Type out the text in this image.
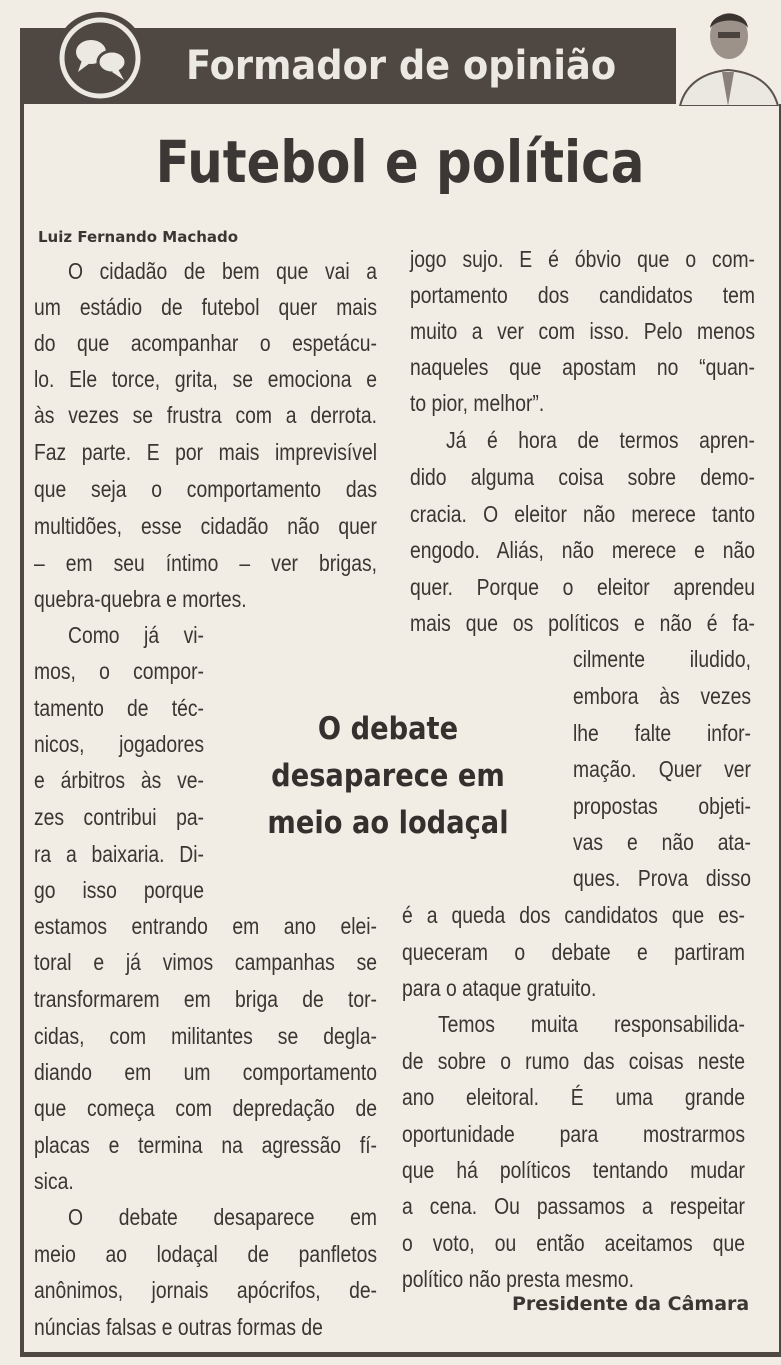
Formador de opinião
Futebol e política
Luiz Fernando Machado
O cidadão de bem que vai a
um estádio de futebol quer mais
do que acompanhar o espetácu-
lo. Ele torce, grita, se emociona e
às vezes se frustra com a derrota.
Faz parte. E por mais imprevisível
que seja o comportamento das
multidões, esse cidadão não quer
– em seu íntimo – ver brigas,
quebra-quebra e mortes.
Como já vi-
mos, o compor-
tamento de téc-
nicos, jogadores
e árbitros às ve-
zes contribui pa-
ra a baixaria. Di-
go isso porque
estamos entrando em ano elei-
toral e já vimos campanhas se
transformarem em briga de tor-
cidas, com militantes se degla-
diando em um comportamento
que começa com depredação de
placas e termina na agressão fí-
sica.
O debate desaparece em
meio ao lodaçal de panfletos
anônimos, jornais apócrifos, de-
núncias falsas e outras formas de
jogo sujo. E é óbvio que o com-
portamento dos candidatos tem
muito a ver com isso. Pelo menos
naqueles que apostam no “quan-
to pior, melhor”.
Já é hora de termos apren-
dido alguma coisa sobre demo-
cracia. O eleitor não merece tanto
engodo. Aliás, não merece e não
quer. Porque o eleitor aprendeu
mais que os políticos e não é fa-
cilmente iludido,
embora às vezes
lhe falte infor-
mação. Quer ver
propostas objeti-
vas e não ata-
ques. Prova disso
é a queda dos candidatos que es-
queceram o debate e partiram
para o ataque gratuito.
Temos muita responsabilida-
de sobre o rumo das coisas neste
ano eleitoral. É uma grande
oportunidade para mostrarmos
que há políticos tentando mudar
a cena. Ou passamos a respeitar
o voto, ou então aceitamos que
político não presta mesmo.
O debate
desaparece em
meio ao lodaçal
Presidente da Câmara
